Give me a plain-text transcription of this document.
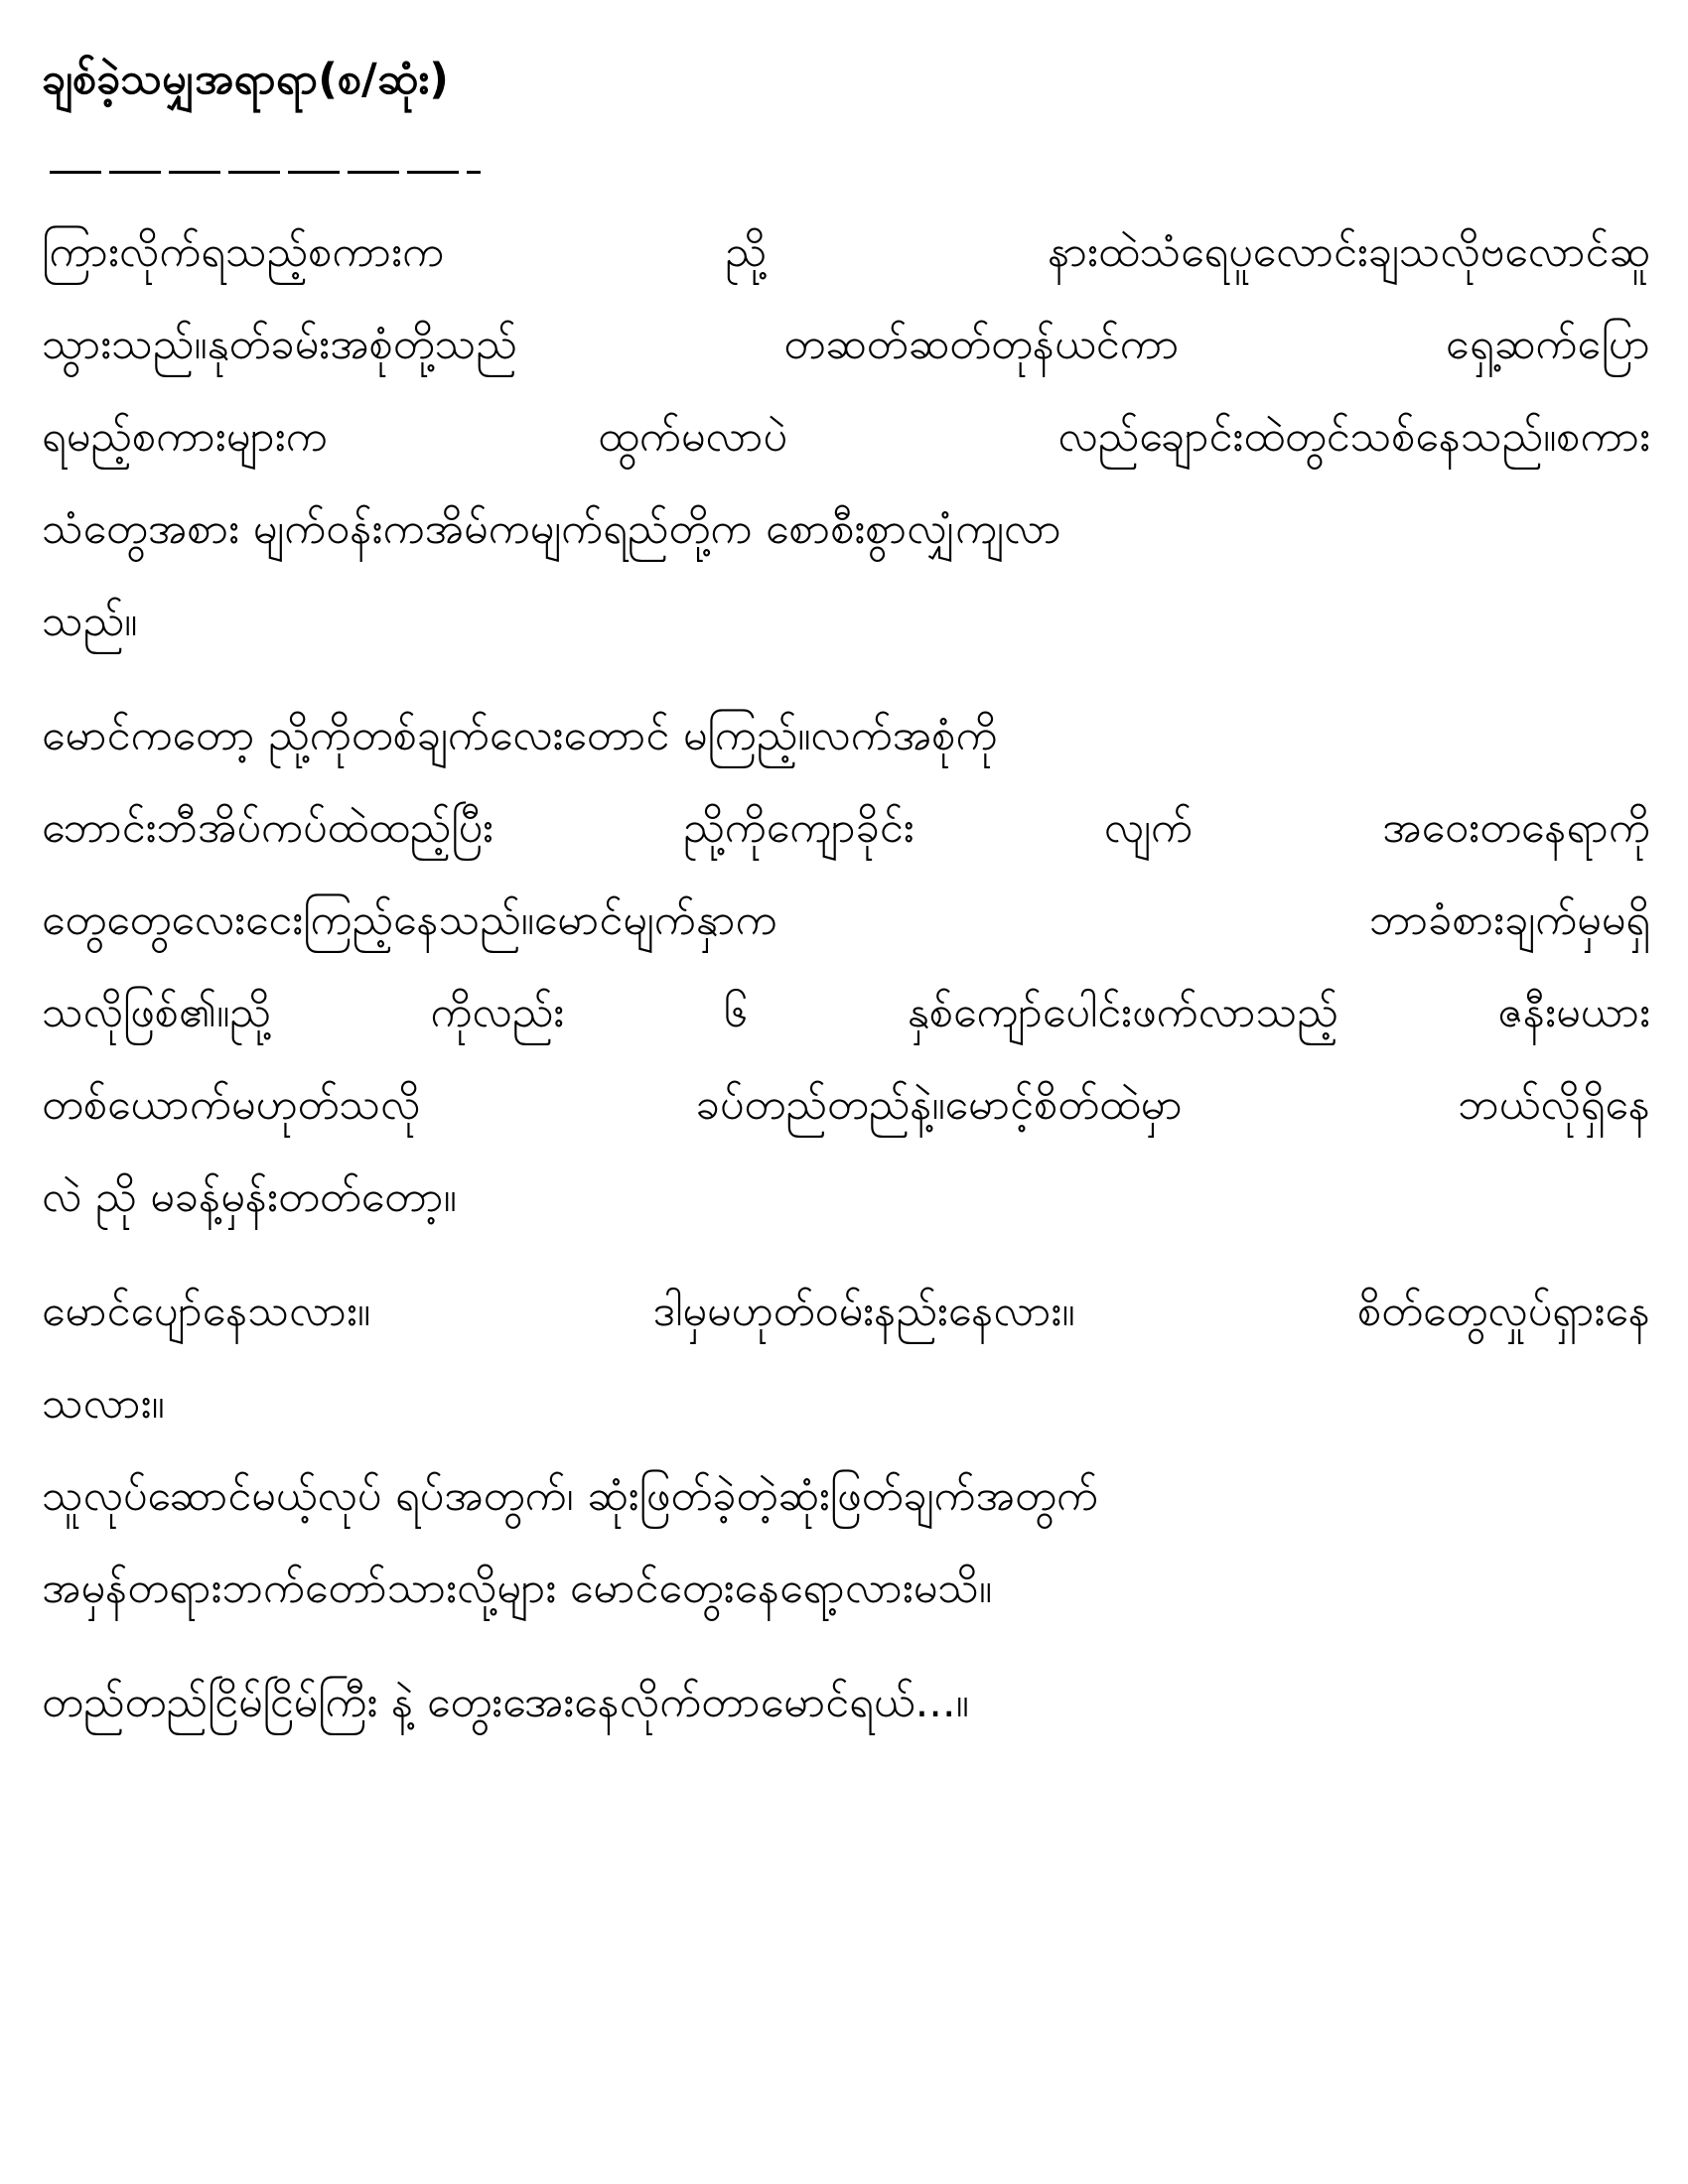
ချစ်ခဲ့သမျှအရာရာ(စ/ဆုံး)
ကြားလိုက်ရသည့်စကားက ညို့ နားထဲသံရေပူလောင်းချသလိုဗလောင်ဆူ
သွားသည်။နုတ်ခမ်းအစုံတို့သည် တဆတ်ဆတ်တုန်ယင်ကာ ရှေ့ဆက်ပြော
ရမည့်စကားများက ထွက်မလာပဲ လည်ချောင်းထဲတွင်သစ်နေသည်။စကား
သံတွေအစား မျက်ဝန်းကအိမ်ကမျက်ရည်တို့က စောစီးစွာလျှံကျလာ
သည်။
မောင်ကတော့ ညို့ကိုတစ်ချက်လေးတောင် မကြည့်။လက်အစုံကို
ဘောင်းဘီအိပ်ကပ်ထဲထည့်ပြီး ညို့ကိုကျောခိုင်း လျက် အဝေးတနေရာကို
တွေတွေလေးငေးကြည့်နေသည်။မောင်မျက်နှာက ဘာခံစားချက်မှမရှိ
သလိုဖြစ်၏။ညို့ ကိုလည်း ၆ နှစ်ကျော်ပေါင်းဖက်လာသည့် ဇနီးမယား
တစ်ယောက်မဟုတ်သလို ခပ်တည်တည်နဲ့။မောင့်စိတ်ထဲမှာ ဘယ်လိုရှိနေ
လဲ ညို မခန့်မှန်းတတ်တော့။
မောင်ပျော်နေသလား။ ဒါမှမဟုတ်ဝမ်းနည်းနေလား။ စိတ်တွေလှုပ်ရှားနေ
သလား။
သူလုပ်ဆောင်မယ့်လုပ် ရပ်အတွက်၊ ဆုံးဖြတ်ခဲ့တဲ့ဆုံးဖြတ်ချက်အတွက်
အမှန်တရားဘက်တော်သားလို့များ မောင်တွေးနေရော့လားမသိ။
တည်တည်ငြိမ်ငြိမ်ကြီး နဲ့ တွေးအေးနေလိုက်တာမောင်ရယ်...။
